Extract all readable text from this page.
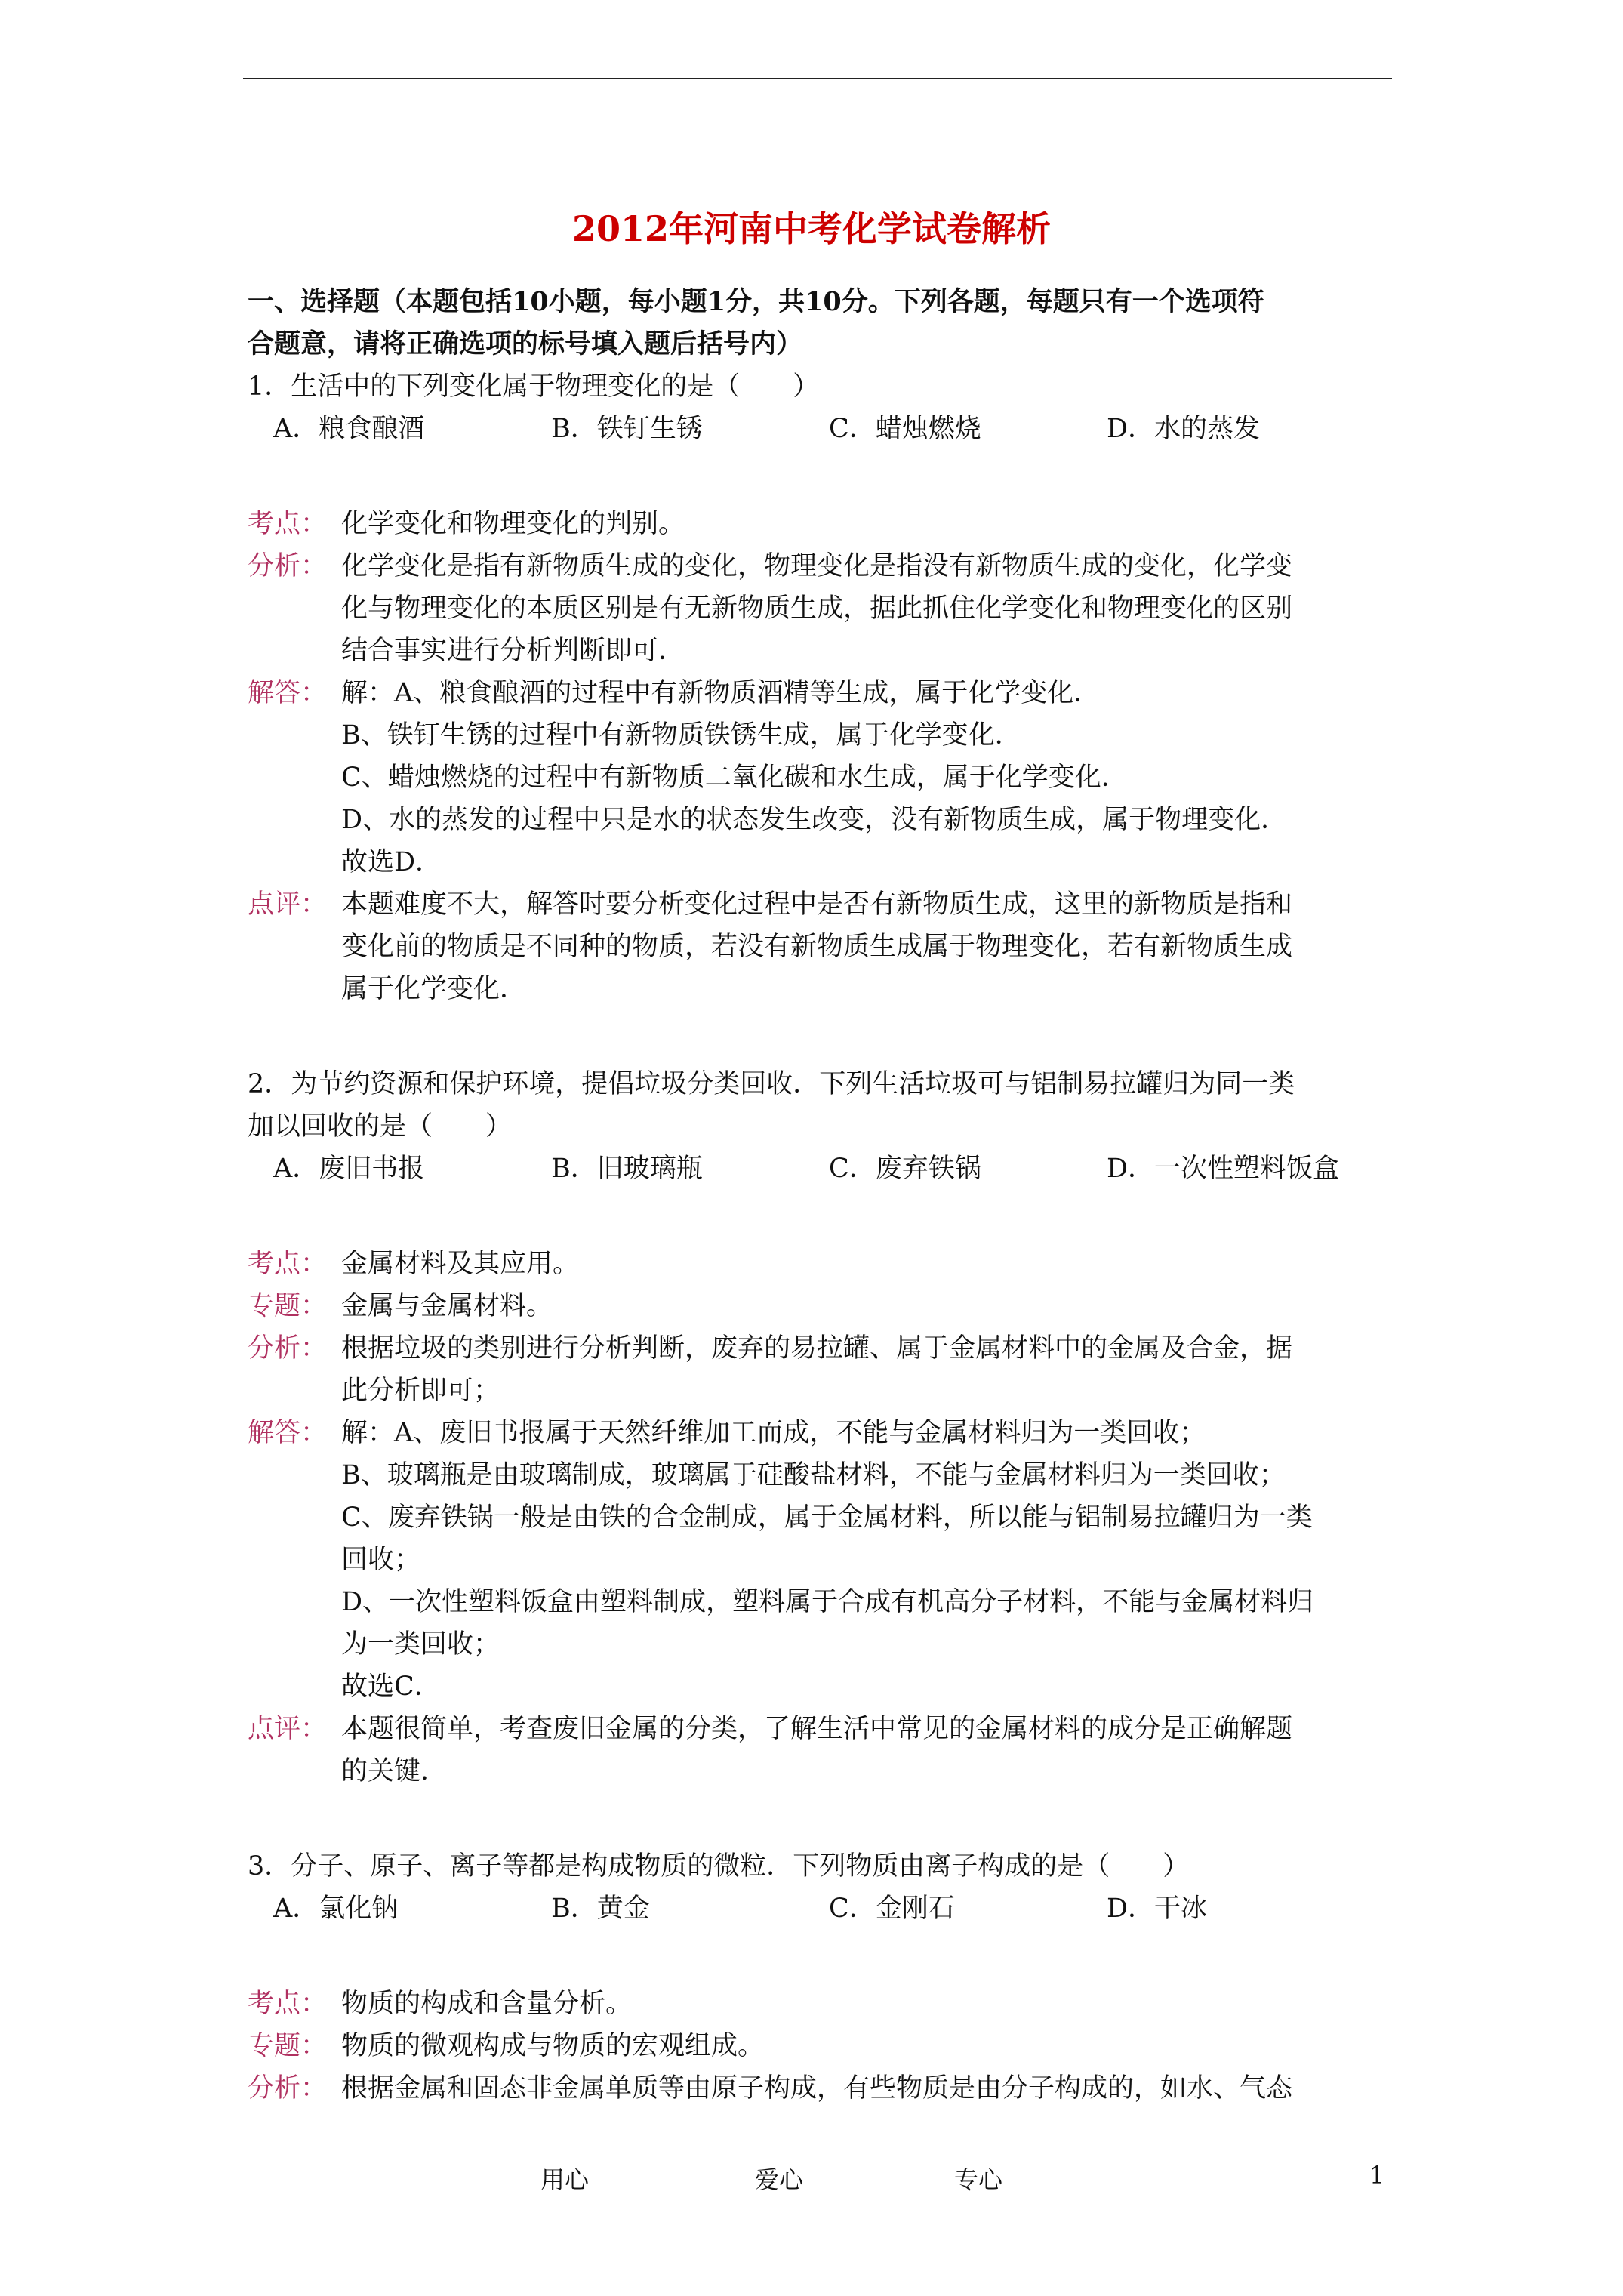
2012年河南中考化学试卷解析
一、选择题（本题包括10小题，每小题1分，共10分。下列各题，每题只有一个选项符
合题意，请将正确选项的标号填入题后括号内）
1．生活中的下列变化属于物理变化的是（　　）
A．粮食酿酒	B．铁钉生锈	C．蜡烛燃烧	D．水的蒸发
考点： 化学变化和物理变化的判别。
分析： 化学变化是指有新物质生成的变化，物理变化是指没有新物质生成的变化，化学变
化与物理变化的本质区别是有无新物质生成，据此抓住化学变化和物理变化的区别
结合事实进行分析判断即可．
解答： 解：A、粮食酿酒的过程中有新物质酒精等生成，属于化学变化．
B、铁钉生锈的过程中有新物质铁锈生成，属于化学变化．
C、蜡烛燃烧的过程中有新物质二氧化碳和水生成，属于化学变化．
D、水的蒸发的过程中只是水的状态发生改变，没有新物质生成，属于物理变化．
故选D．
点评： 本题难度不大，解答时要分析变化过程中是否有新物质生成，这里的新物质是指和
变化前的物质是不同种的物质，若没有新物质生成属于物理变化，若有新物质生成
属于化学变化．
2．为节约资源和保护环境，提倡垃圾分类回收．下列生活垃圾可与铝制易拉罐归为同一类
加以回收的是（　　）
A．废旧书报	B．旧玻璃瓶	C．废弃铁锅	D．一次性塑料饭盒
考点： 金属材料及其应用。
专题： 金属与金属材料。
分析： 根据垃圾的类别进行分析判断，废弃的易拉罐、属于金属材料中的金属及合金，据
此分析即可；
解答： 解：A、废旧书报属于天然纤维加工而成，不能与金属材料归为一类回收；
B、玻璃瓶是由玻璃制成，玻璃属于硅酸盐材料，不能与金属材料归为一类回收；
C、废弃铁锅一般是由铁的合金制成，属于金属材料，所以能与铝制易拉罐归为一类
回收；
D、一次性塑料饭盒由塑料制成，塑料属于合成有机高分子材料，不能与金属材料归
为一类回收；
故选C．
点评： 本题很简单，考查废旧金属的分类，了解生活中常见的金属材料的成分是正确解题
的关键．
3．分子、原子、离子等都是构成物质的微粒．下列物质由离子构成的是（　　）
A．氯化钠	B．黄金	C．金刚石	D．干冰
考点： 物质的构成和含量分析。
专题： 物质的微观构成与物质的宏观组成。
分析： 根据金属和固态非金属单质等由原子构成，有些物质是由分子构成的，如水、气态
用心	爱心	专心	1
